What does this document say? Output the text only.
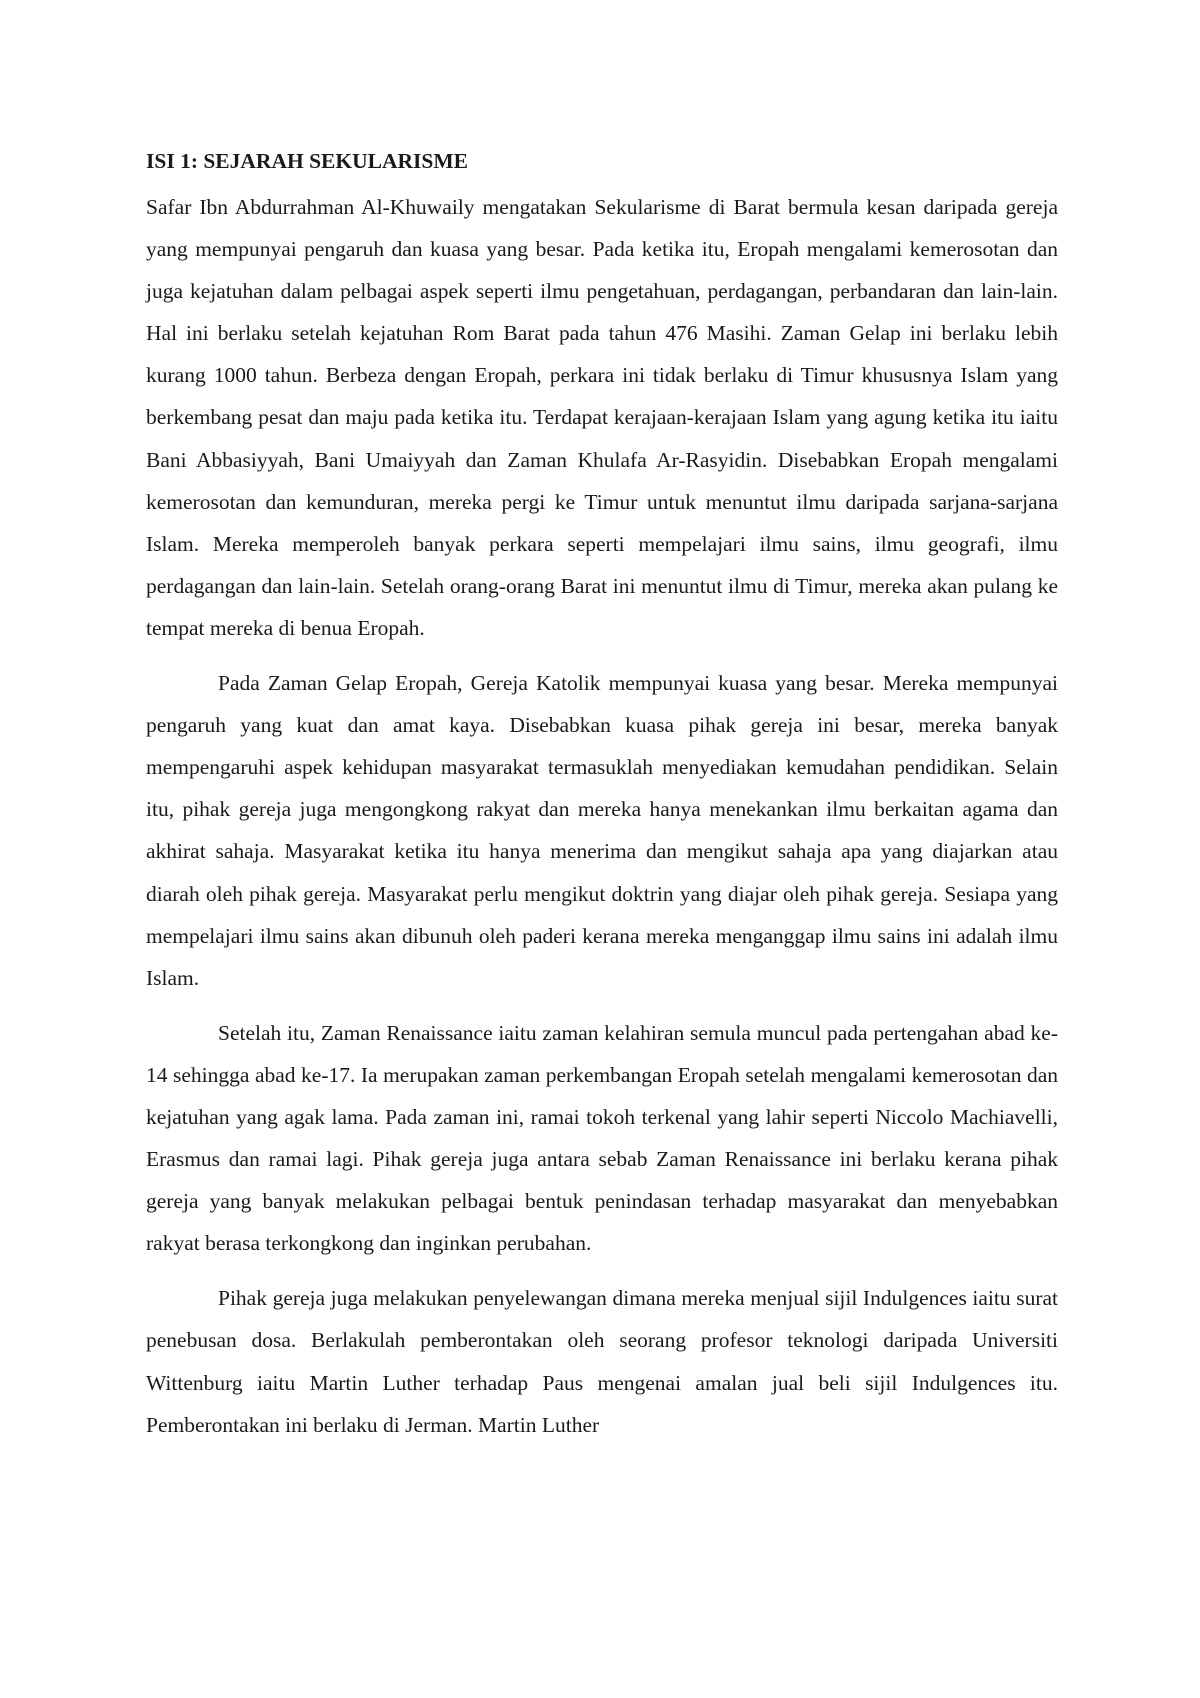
ISI 1: SEJARAH SEKULARISME

Safar Ibn Abdurrahman Al-Khuwaily mengatakan Sekularisme di Barat bermula kesan daripada gereja yang mempunyai pengaruh dan kuasa yang besar. Pada ketika itu, Eropah mengalami kemerosotan dan juga kejatuhan dalam pelbagai aspek seperti ilmu pengetahuan, perdagangan, perbandaran dan lain-lain. Hal ini berlaku setelah kejatuhan Rom Barat pada tahun 476 Masihi. Zaman Gelap ini berlaku lebih kurang 1000 tahun. Berbeza dengan Eropah, perkara ini tidak berlaku di Timur khususnya Islam yang berkembang pesat dan maju pada ketika itu. Terdapat kerajaan-kerajaan Islam yang agung ketika itu iaitu Bani Abbasiyyah, Bani Umaiyyah dan Zaman Khulafa Ar-Rasyidin. Disebabkan Eropah mengalami kemerosotan dan kemunduran, mereka pergi ke Timur untuk menuntut ilmu daripada sarjana-sarjana Islam. Mereka memperoleh banyak perkara seperti mempelajari ilmu sains, ilmu geografi, ilmu perdagangan dan lain-lain. Setelah orang-orang Barat ini menuntut ilmu di Timur, mereka akan pulang ke tempat mereka di benua Eropah.

Pada Zaman Gelap Eropah, Gereja Katolik mempunyai kuasa yang besar. Mereka mempunyai pengaruh yang kuat dan amat kaya. Disebabkan kuasa pihak gereja ini besar, mereka banyak mempengaruhi aspek kehidupan masyarakat termasuklah menyediakan kemudahan pendidikan. Selain itu, pihak gereja juga mengongkong rakyat dan mereka hanya menekankan ilmu berkaitan agama dan akhirat sahaja. Masyarakat ketika itu hanya menerima dan mengikut sahaja apa yang diajarkan atau diarah oleh pihak gereja. Masyarakat perlu mengikut doktrin yang diajar oleh pihak gereja. Sesiapa yang mempelajari ilmu sains akan dibunuh oleh paderi kerana mereka menganggap ilmu sains ini adalah ilmu Islam.

Setelah itu, Zaman Renaissance iaitu zaman kelahiran semula muncul pada pertengahan abad ke-14 sehingga abad ke-17. Ia merupakan zaman perkembangan Eropah setelah mengalami kemerosotan dan kejatuhan yang agak lama. Pada zaman ini, ramai tokoh terkenal yang lahir seperti Niccolo Machiavelli, Erasmus dan ramai lagi. Pihak gereja juga antara sebab Zaman Renaissance ini berlaku kerana pihak gereja yang banyak melakukan pelbagai bentuk penindasan terhadap masyarakat dan menyebabkan rakyat berasa terkongkong dan inginkan perubahan.

Pihak gereja juga melakukan penyelewangan dimana mereka menjual sijil Indulgences iaitu surat penebusan dosa. Berlakulah pemberontakan oleh seorang profesor teknologi daripada Universiti Wittenburg iaitu Martin Luther terhadap Paus mengenai amalan jual beli sijil Indulgences itu. Pemberontakan ini berlaku di Jerman. Martin Luther
